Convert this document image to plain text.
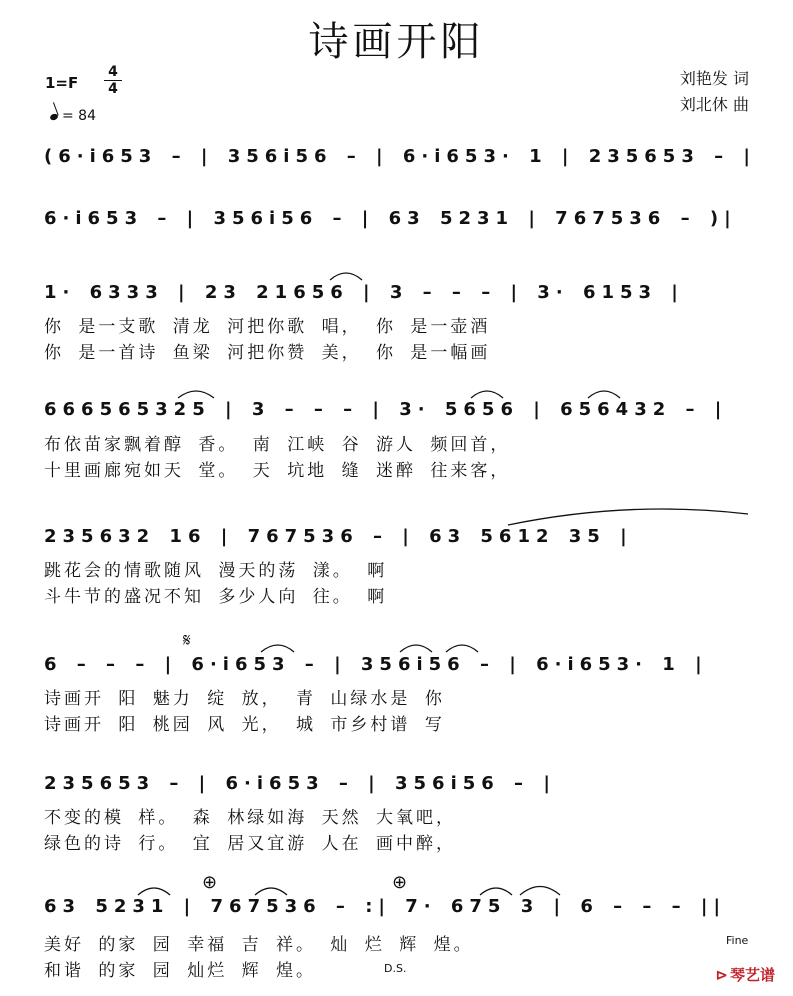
诗画开阳
1=F
4
4
= 84
刘艳发 词
刘北休 曲
(6·i653 – | 356i56 – | 6·i653· 1 | 235653 – |
6·i653 – | 356i56 – | 63 5231 | 767536 – )|
1· 6333 | 23 21656 | 3 – – – | 3· 6153 |
你 是一支歌 清龙 河把你歌 唱， 你 是一壶酒
你 是一首诗 鱼梁 河把你赞 美， 你 是一幅画
666565325 | 3 – – – | 3· 5656 | 656432 – |
布依苗家飘着醇 香。 南 江峡 谷 游人 频回首，
十里画廊宛如天 堂。 天 坑地 缝 迷醉 往来客，
235632 16 | 767536 – | 63 5612 35 |
跳花会的情歌随风 漫天的荡 漾。 啊
斗牛节的盛况不知 多少人向 往。 啊
𝄋
6 – – – | 6·i653 – | 356i56 – | 6·i653· 1 |
诗画开 阳 魅力 绽 放， 青 山绿水是 你
诗画开 阳 桃园 风 光， 城 市乡村谱 写
235653 – | 6·i653 – | 356i56 – |
不变的模 样。 森 林绿如海 天然 大氧吧，
绿色的诗 行。 宜 居又宜游 人在 画中醉，
⊕	⊕
63 5231 | 767536 – :| 7· 675 3 | 6 – – – ||
美好 的家 园 幸福 吉 祥。 灿 烂 辉 煌。
和谐 的家 园 灿烂 辉 煌。	D.S.
Fine
⊳ 琴艺谱
